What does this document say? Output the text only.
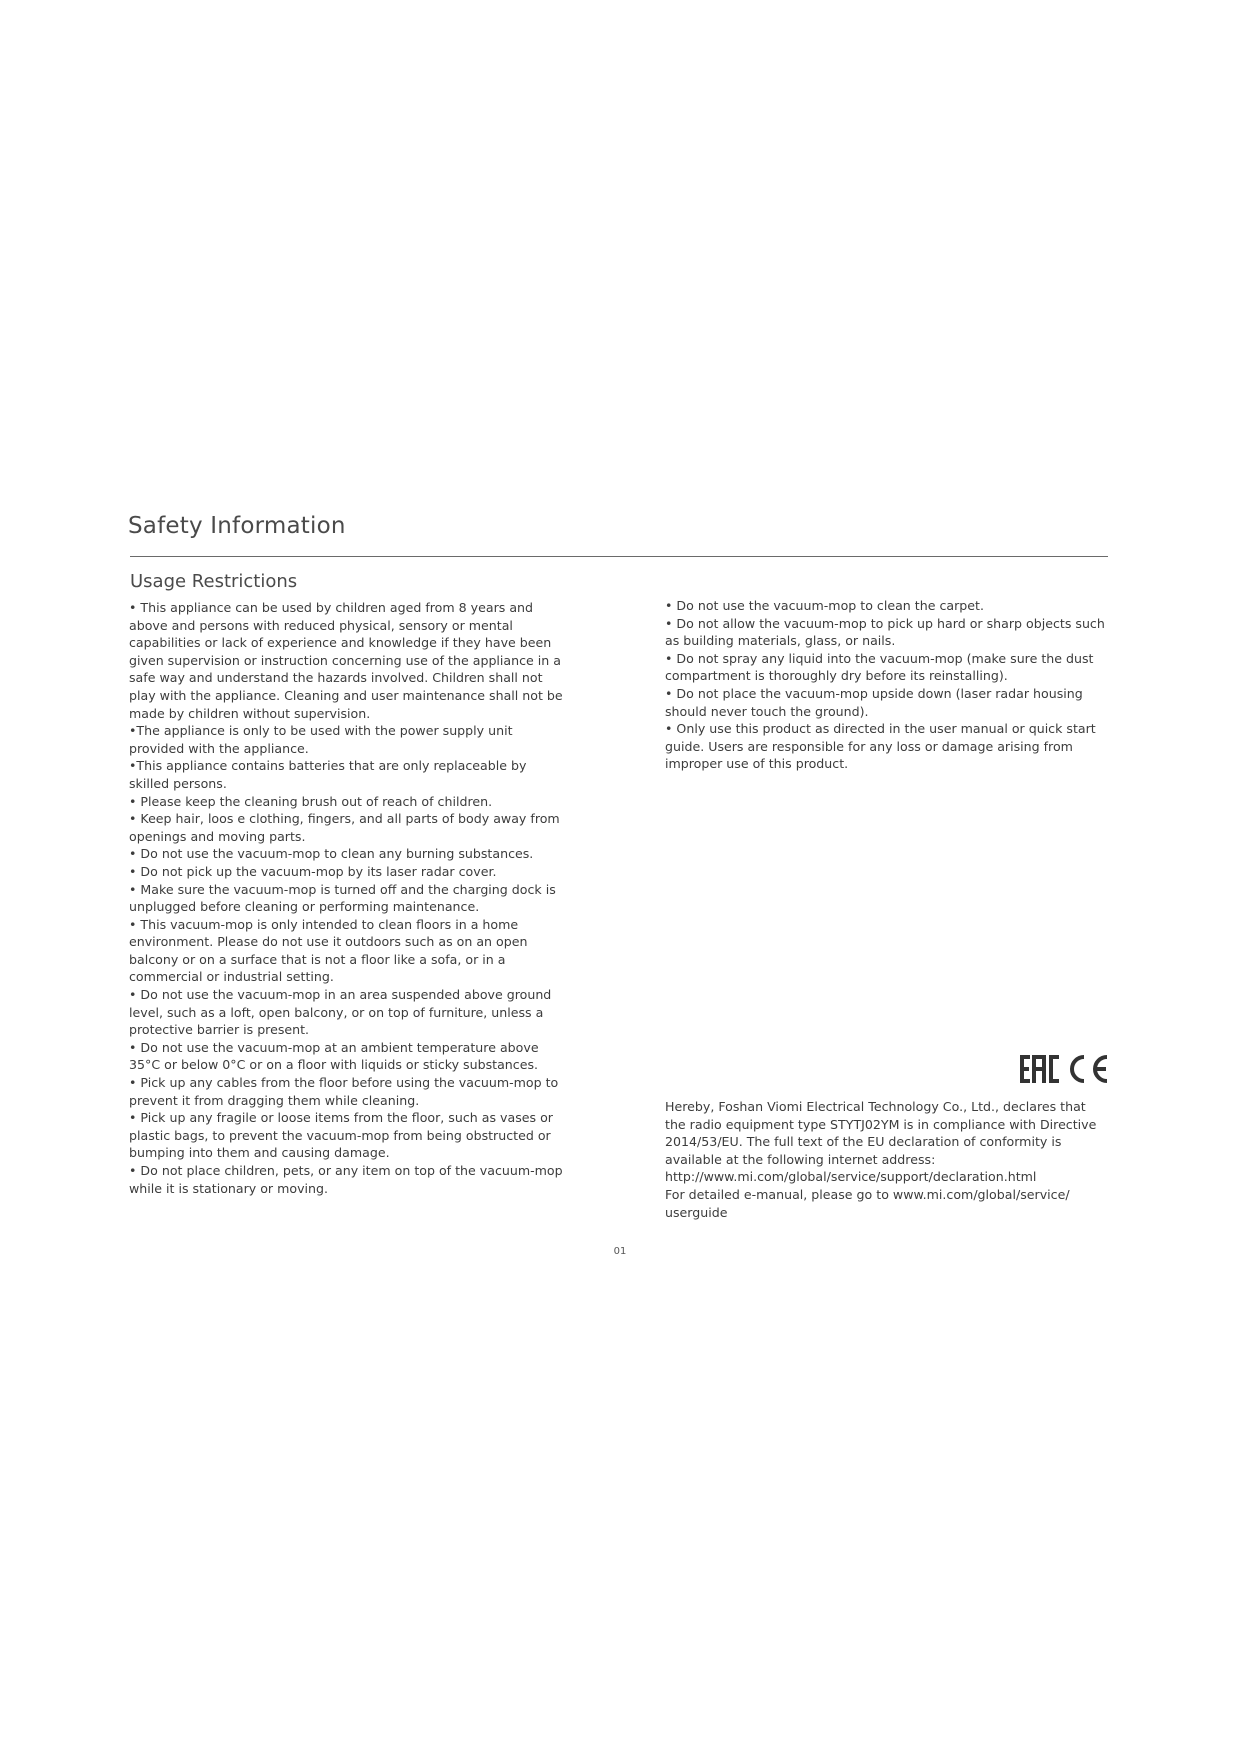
Safety Information
Usage Restrictions

• This appliance can be used by children aged from 8 years and above and persons with reduced physical, sensory or mental capabilities or lack of experience and knowledge if they have been given supervision or instruction concerning use of the appliance in a safe way and understand the hazards involved. Children shall not play with the appliance. Cleaning and user maintenance shall not be made by children without supervision.

•The appliance is only to be used with the power supply unit provided with the appliance.

•This appliance contains batteries that are only replaceable by skilled persons.

• Please keep the cleaning brush out of reach of children.

• Keep hair, loos e clothing, fingers, and all parts of body away from openings and moving parts.

• Do not use the vacuum-mop to clean any burning substances.

• Do not pick up the vacuum-mop by its laser radar cover.

• Make sure the vacuum-mop is turned off and the charging dock is unplugged before cleaning or performing maintenance.

• This vacuum-mop is only intended to clean floors in a home environment. Please do not use it outdoors such as on an open balcony or on a surface that is not a floor like a sofa, or in a commercial or industrial setting.

• Do not use the vacuum-mop in an area suspended above ground level, such as a loft, open balcony, or on top of furniture, unless a protective barrier is present.

• Do not use the vacuum-mop at an ambient temperature above 35°C or below 0°C or on a floor with liquids or sticky substances.

• Pick up any cables from the floor before using the vacuum-mop to prevent it from dragging them while cleaning.

• Pick up any fragile or loose items from the floor, such as vases or plastic bags, to prevent the vacuum-mop from being obstructed or bumping into them and causing damage.

• Do not place children, pets, or any item on top of the vacuum-mop while it is stationary or moving.

• Do not use the vacuum-mop to clean the carpet.

• Do not allow the vacuum-mop to pick up hard or sharp objects such as building materials, glass, or nails.

• Do not spray any liquid into the vacuum-mop (make sure the dust compartment is thoroughly dry before its reinstalling).

• Do not place the vacuum-mop upside down (laser radar housing should never touch the ground).

• Only use this product as directed in the user manual or quick start guide. Users are responsible for any loss or damage arising from improper use of this product.

Hereby, Foshan Viomi Electrical Technology Co., Ltd., declares that the radio equipment type STYTJ02YM is in compliance with Directive 2014/53/EU. The full text of the EU declaration of conformity is available at the following internet address:

http://www.mi.com/global/service/support/declaration.html

For detailed e-manual, please go to www.mi.com/global/service/ userguide

01
